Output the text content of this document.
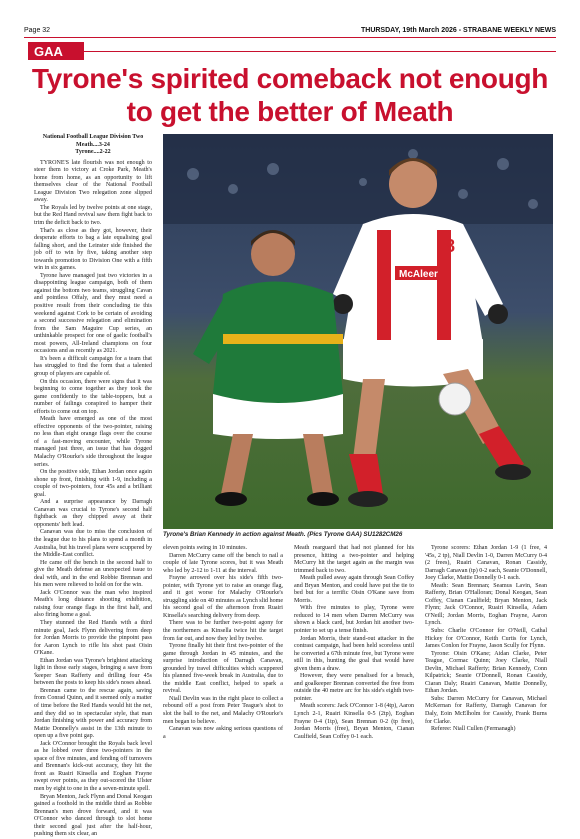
Page 32	THURSDAY, 19th March 2026 - STRABANE WEEKLY NEWS
GAA
Tyrone's spirited comeback not enough to get the better of Meath
National Football League Division Two
Meath....3-24
Tyrone....2-22

TYRONE'S late flourish was not enough to steer them to victory at Croke Park, Meath's home from home, as an opportunity to lift themselves clear of the National Football League Division Two relegation zone slipped away.

The Royals led by twelve points at one stage, but the Red Hand revival saw them fight back to trim the deficit back to two.

That's as close as they got, however, their desperate efforts to bag a late equalising goal falling short, and the Leinster side finished the job off to win by five, taking another step towards promotion to Division One with a fifth win in six games.

Tyrone have managed just two victories in a disappointing league campaign, both of them against the bottom two teams, struggling Cavan and pointless Offaly, and they must need a positive result from their concluding tie this weekend against Cork to be certain of avoiding a second successive relegation and elimination from the Sam Maguire Cup series, an unthinkable prospect for one of gaelic football's most powers, All-Ireland champions on four occasions and as recently as 2021.

It's been a difficult campaign for a team that has struggled to find the form that a talented group of players are capable of.

On this occasion, there were signs that it was beginning to come together as they took the game confidently to the table-toppers, but a number of failings conspired to hamper their efforts to come out on top.

Meath have emerged as one of the most effective opponents of the two-pointer, raising no less than eight orange flags over the course of a fast-moving encounter, while Tyrone managed just three, an issue that has dogged Malachy O'Rourke's side throughout the league series.

On the positive side, Ethan Jordan once again shone up front, finishing with 1-9, including a couple of two-pointers, four 45s and a brilliant goal.

And a surprise appearance by Darragh Canavan was crucial to Tyrone's second half fightback as they chipped away at their opponents' heft lead.

Canavan was due to miss the conclusion of the league due to his plans to spend a month in Australia, but his travel plans were scuppered by the Middle-East conflict.

He came off the bench in the second half to give the Meath defense an unexpected issue to deal with, and in the end Robbie Brennan and his men were relieved to hold on for the win.

Jack O'Connor was the man who inspired Meath's long distance shooting exhibition, raising four orange flags in the first half, and also firing home a goal.

They stunned the Red Hands with a third minute goal, Jack Flynn delivering from deep for Jordan Morris to provide the pinpoint pass for Aaron Lynch to rifle his shot past Oisin O'Kane.

Ethan Jordan was Tyrone's brightest attacking light in those early stages, bringing a save from 'keeper Sean Rafferty and drilling four 45s between the posts to keep his side's noses ahead.

Brennan came to the rescue again, saving from Conrad Quinn, and it seemed only a matter of time before the Red Hands would hit the net, and they did so in spectacular style, that man Jordan finishing with power and accuracy from Mattie Donnelly's assist in the 13th minute to open up a five point gap.

Jack O'Connor brought the Royals back level as he lobbed over three two-pointers in the space of five minutes, and fending off turnovers and Brennan's kick-out accuracy, they hit the front as Ruairi Kinsella and Eoghan Frayne swept over points, as they out-scored the Ulster men by eight to one in the a seven-minute spell.

Bryan Menton, Jack Flynn and Donal Keogan gained a foothold in the middle third as Robbie Brennan's men drove forward, and it was O'Connor who danced through to slot home their second goal just after the half-hour, pushing them six clear, an

8
McAleer
Tyrone's Brian Kennedy in action against Meath. (Pics Tyrone GAA) SU1282CM26

eleven points swing in 10 minutes.

Darren McCurry came off the bench to nail a couple of late Tyrone scores, but it was Meath who led by 2-12 to 1-11 at the interval.

Frayne arrowed over his side's fifth two-pointer, with Tyrone yet to raise an orange flag, and it got worse for Malachy O'Rourke's struggling side on 40 minutes as Lynch slid home his second goal of the afternoon from Ruairi Kinsella's searching delivery from deep.

There was to be further two-point agony for the northerners as Kinsella twice hit the target from far out, and now they led by twelve.

Tyrone finally hit their first two-pointer of the game through Jordan in 45 minutes, and the surprise introduction of Darragh Canavan, grounded by travel difficulties which scuppered his planned five-week break in Australia, due to the middle East conflict, helped to spark a revival.

Niall Devlin was in the right place to collect a rebound off a post from Peter Teague's shot to slot the ball to the net, and Malachy O'Rourke's men began to believe.

Canavan was now asking serious questions of a

Meath rearguard that had not planned for his presence, hitting a two-pointer and helping McCurry hit the target again as the margin was trimmed back to two.

Meath pulled away again through Sean Coffey and Bryan Menton, and could have put the tie to bed but for a terrific Oisin O'Kane save from Morris.

With five minutes to play, Tyrone were reduced to 14 men when Darren McCurry was shown a black card, but Jordan hit another two-pointer to set up a tense finish.

Jordan Morris, their stand-out attacker in the contrast campaign, had been held scoreless until he converted a 67th minute free, but Tyrone were still in this, hunting the goal that would have given them a draw.

However, they were penalised for a breach, and goalkeeper Brennan converted the free from outside the 40 metre arc for his side's eighth two-pointer.

Meath scorers: Jack O'Connor 1-8 (4tp), Aaron Lynch 2-1, Ruairi Kinsella 0-5 (2tp), Eoghan Frayne 0-4 (1tp), Sean Brennan 0-2 (tp free), Jordan Morris (free), Bryan Menton, Cianan Caulfield, Sean Coffey 0-1 each.

Tyrone scorers: Ethan Jordan 1-9 (1 free, 4 '45s, 2 tp), Niall Devlin 1-0, Darren McCurry 0-4 (2 frees), Ruairi Canavan, Ronan Cassidy, Darragh Canavan (tp) 0-2 each, Seanie O'Donnell, Joey Clarke, Mattie Donnelly 0-1 each.

Meath: Sean Brennan; Seamus Lavin, Sean Rafferty, Brian O'Halloran; Donal Keogan, Sean Coffey, Cianan Caulfield; Bryan Menton, Jack Flynn; Jack O'Connor, Ruairi Kinsella, Adam O'Neill; Jordan Morris, Eoghan Frayne, Aaron Lynch.

Subs: Charlie O'Connor for O'Neill, Cathal Hickey for O'Connor, Keith Curtis for Lynch, James Conlon for Frayne, Jason Scully for Flynn.

Tyrone: Oisin O'Kane; Aidan Clarke, Peter Teague, Cormac Quinn; Joey Clarke, Niall Devlin, Michael Rafferty; Brian Kennedy, Conn Kilpatrick; Seanie O'Donnell, Ronan Cassidy, Ciaran Daly; Ruairi Canavan, Mattie Donnelly, Ethan Jordan.

Subs: Darren McCurry for Canavan, Michael McKernan for Rafferty, Darragh Canavan for Daly, Eoin McElholm for Cassidy, Frank Burns for Clarke.

Referee: Niall Cullen (Fermanagh)
